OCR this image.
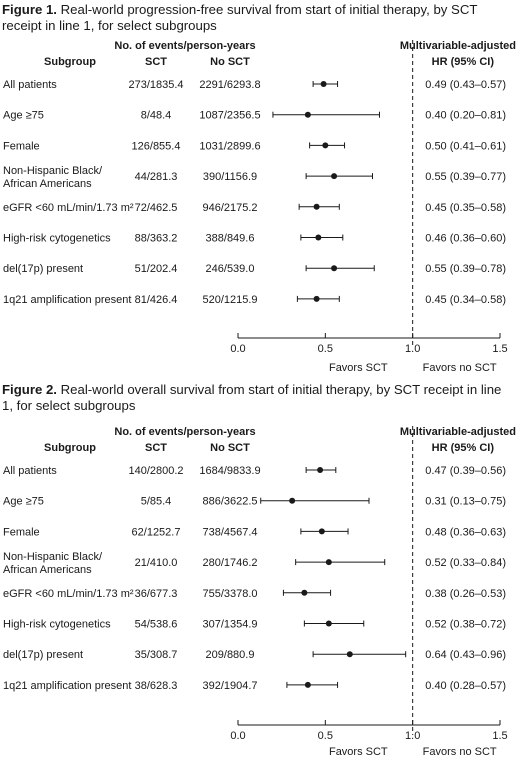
Figure 1. Real-world progression-free survival from start of initial therapy, by SCT receipt in line 1, for select subgroups
No. of events/person-years
Subgroup	SCT	No SCT
Multivariable-adjusted
HR (95% CI)
All patients	273/1835.4 2291/6293.8	0.49 (0.43–0.57)
Age ≥75	8/48.4	1087/2356.5	0.40 (0.20–0.81)
Female	126/855.4 1031/2899.6	0.50 (0.41–0.61)
Non-Hispanic Black/
African Americans
44/281.3 390/1156.9	0.55 (0.39–0.77)
eGFR <60 mL/min/1.73 m² 72/462.5 946/2175.2	0.45 (0.35–0.58)
High-risk cytogenetics 88/363.2	388/849.6	0.46 (0.36–0.60)
del(17p) present	51/202.4	246/539.0	0.55 (0.39–0.78)
1q21 amplification present 81/426.4 520/1215.9	0.45 (0.34–0.58)
0.0	0.5	1.0	1.5
Favors SCT	Favors no SCT
Figure 2. Real-world overall survival from start of initial therapy, by SCT receipt in line 1, for select subgroups
No. of events/person-years
Subgroup	SCT	No SCT
Multivariable-adjusted
HR (95% CI)
All patients	140/2800.2 1684/9833.9	0.47 (0.39–0.56)
Age ≥75	5/85.4	886/3622.5	0.31 (0.13–0.75)
Female	62/1252.7 738/4567.4	0.48 (0.36–0.63)
Non-Hispanic Black/
African Americans
21/410.0 280/1746.2	0.52 (0.33–0.84)
eGFR <60 mL/min/1.73 m² 36/677.3 755/3378.0	0.38 (0.26–0.53)
High-risk cytogenetics 54/538.6 307/1354.9	0.52 (0.38–0.72)
del(17p) present	35/308.7	209/880.9	0.64 (0.43–0.96)
1q21 amplification present 38/628.3 392/1904.7	0.40 (0.28–0.57)
0.0	0.5	1.0	1.5
Favors SCT	Favors no SCT
